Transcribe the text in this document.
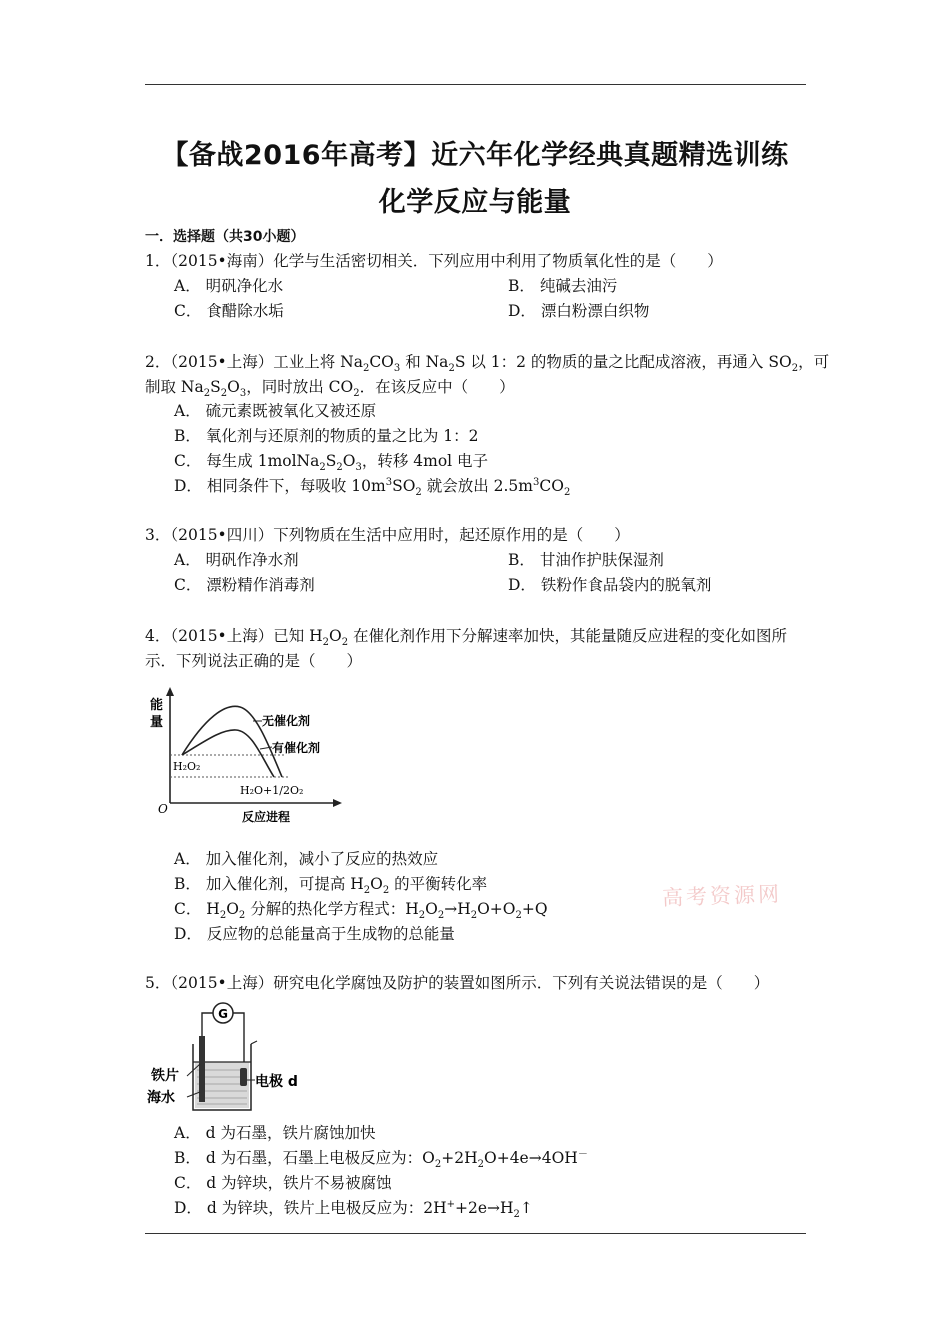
【备战2016年高考】近六年化学经典真题精选训练
化学反应与能量
一．选择题（共30小题）
1．（2015•海南）化学与生活密切相关．下列应用中利用了物质氧化性的是（　　）
A． 明矾净化水	B． 纯碱去油污
C． 食醋除水垢	D． 漂白粉漂白织物
2．（2015•上海）工业上将 $Na_2CO_3$ 和 $Na_2S$ 以 1：2 的物质的量之比配成溶液，再通入 $SO_2$，可
制取 $Na_2S_2O_3$，同时放出 $CO_2$．在该反应中（　　）
A． 硫元素既被氧化又被还原
B． 氧化剂与还原剂的物质的量之比为 1：2
C． 每生成 $1molNa_2S_2O_3$，转移 4mol 电子
D． 相同条件下，每吸收 $10m^3SO_2$ 就会放出 $2.5m^3CO_2$
3．（2015•四川）下列物质在生活中应用时，起还原作用的是（　　）
A． 明矾作净水剂	B． 甘油作护肤保湿剂
C． 漂粉精作消毒剂	D． 铁粉作食品袋内的脱氧剂
4．（2015•上海）已知 $H_2O_2$ 在催化剂作用下分解速率加快，其能量随反应进程的变化如图所
示．下列说法正确的是（　　）
能
量	无催化剂
有催化剂
H₂O₂
H₂O+1/2O₂
O
反应进程
A． 加入催化剂，减小了反应的热效应
B． 加入催化剂，可提高 $H_2O_2$ 的平衡转化率
C． $H_2O_2$ 分解的热化学方程式：$H_2O_2\to H_2O+O_2+Q$
D． 反应物的总能量高于生成物的总能量
高考资源网
5．（2015•上海）研究电化学腐蚀及防护的装置如图所示．下列有关说法错误的是（　　）
G
铁片
海水
电极 d
A． d 为石墨，铁片腐蚀加快
B． d 为石墨，石墨上电极反应为：$O_2+2H_2O+4e\to 4OH^-$
C． d 为锌块，铁片不易被腐蚀
D． d 为锌块，铁片上电极反应为：$2H^++2e\to H_2↑$
